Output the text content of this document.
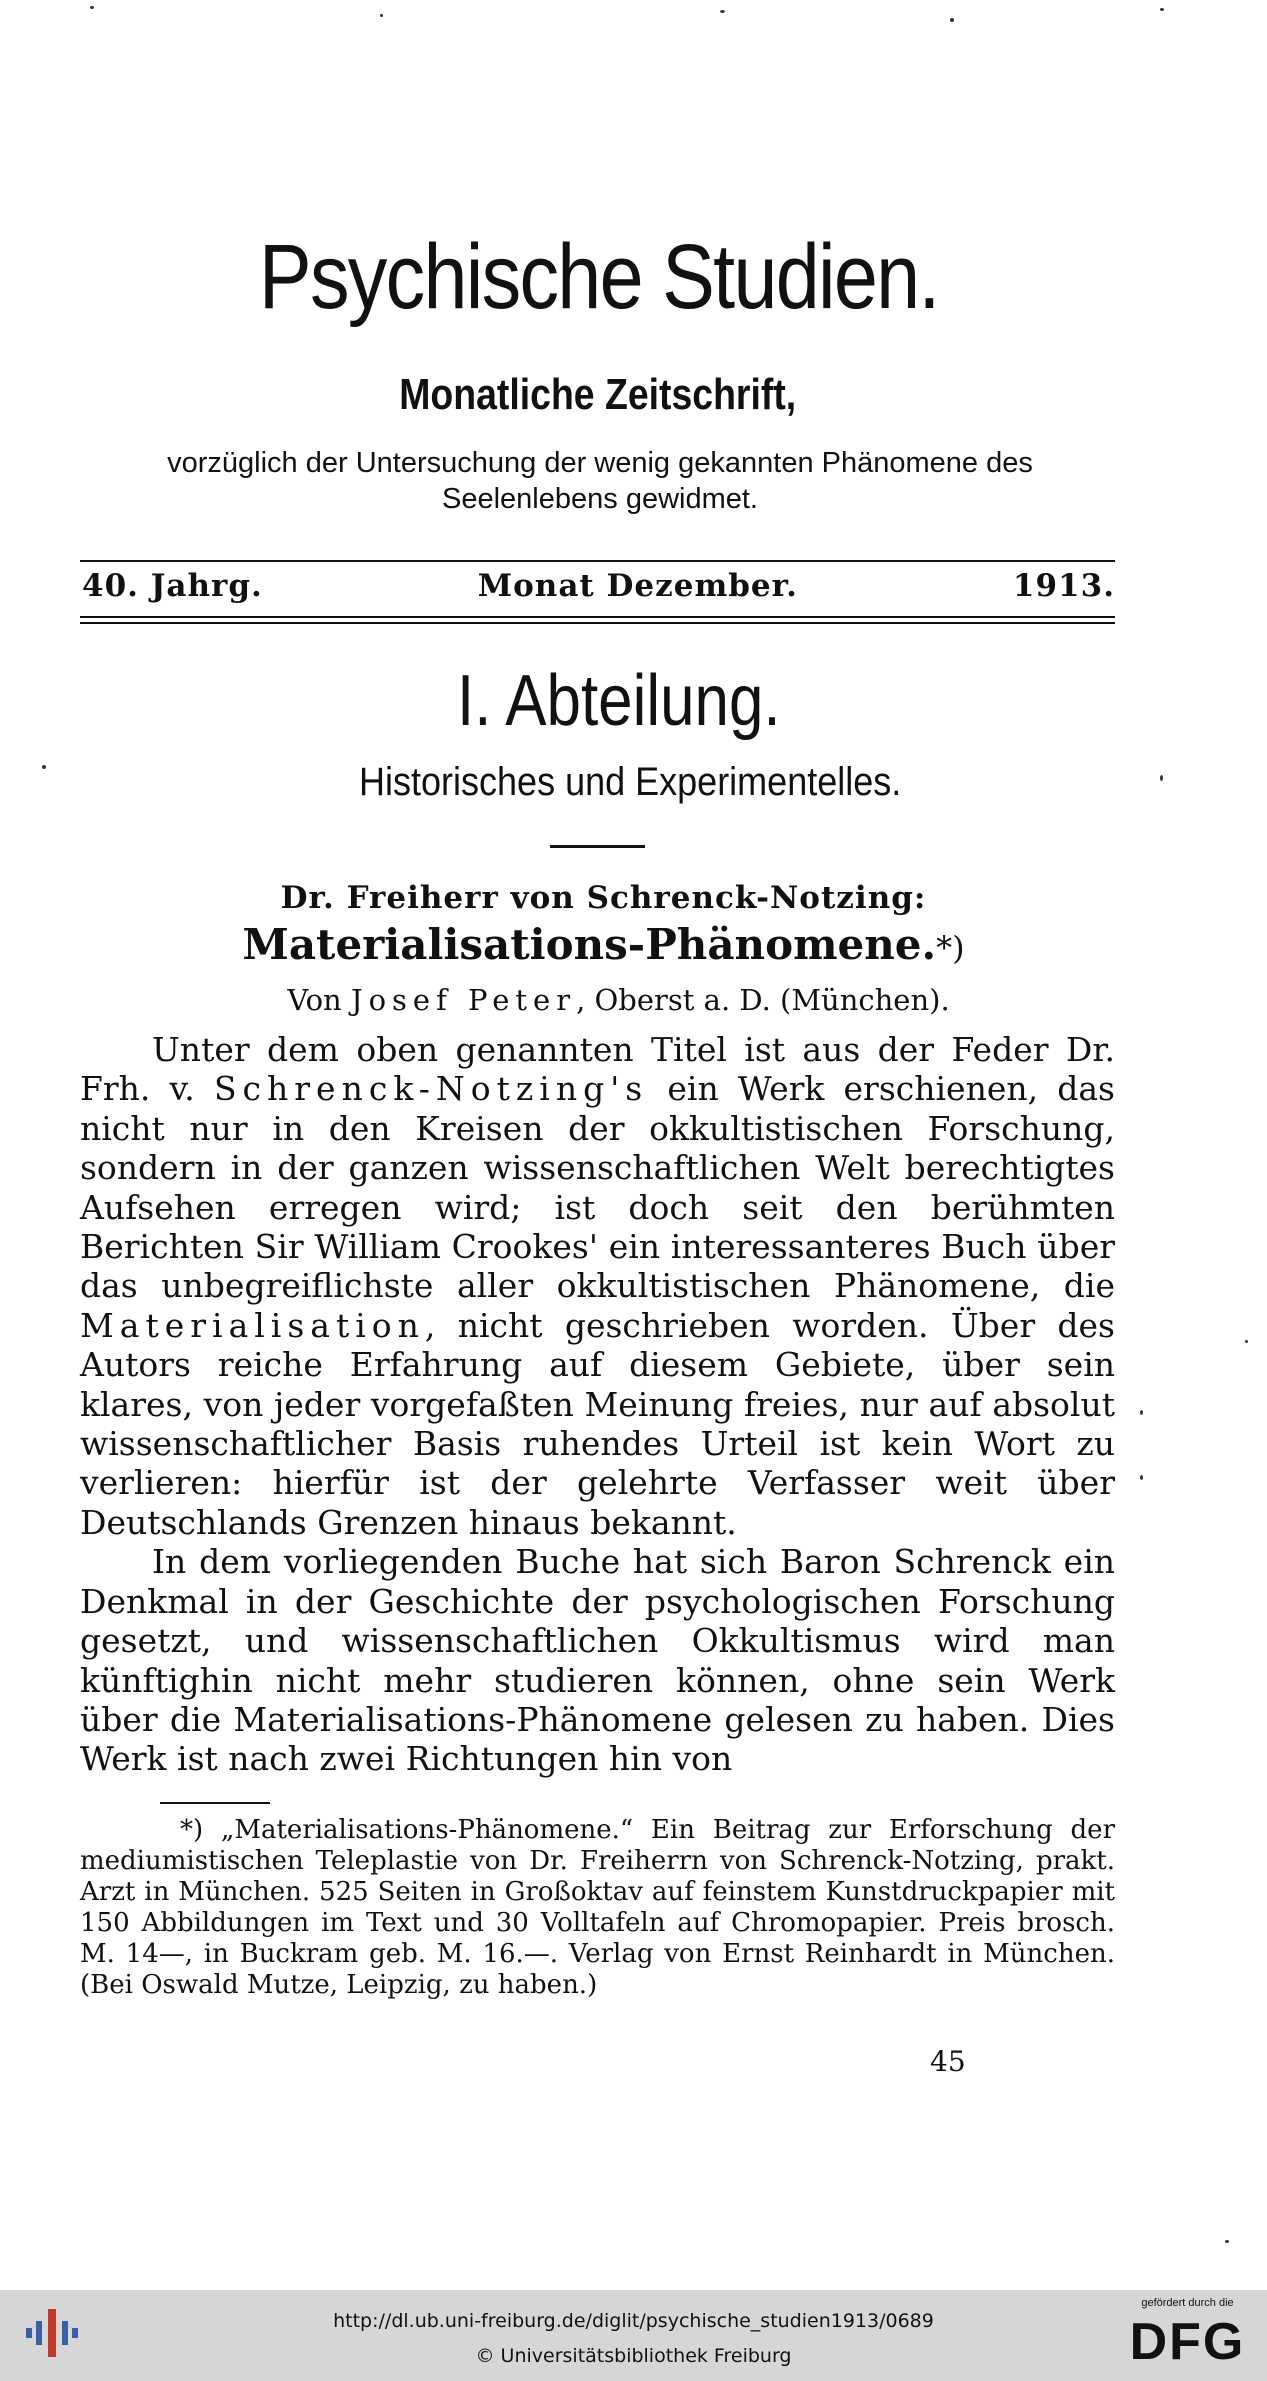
Psychische Studien.
Monatliche Zeitschrift,
vorzüglich der Untersuchung der wenig gekannten Phänomene des
Seelenlebens gewidmet.
40. Jahrg.	Monat Dezember.	1913.
I. Abteilung.
Historisches und Experimentelles.
Dr. Freiherr von Schrenck-Notzing:
Materialisations-Phänomene.*)
Von Josef Peter, Oberst a. D. (München).

Unter dem oben genannten Titel ist aus der Feder Dr. Frh. v. Schrenck-Notzing's ein Werk erschienen, das nicht nur in den Kreisen der okkultistischen Forschung, sondern in der ganzen wissenschaftlichen Welt berechtigtes Aufsehen erregen wird; ist doch seit den berühmten Berichten Sir William Crookes' ein interessanteres Buch über das unbegreiflichste aller okkultistischen Phänomene, die Materialisation, nicht geschrieben worden. Über des Autors reiche Erfahrung auf diesem Gebiete, über sein klares, von jeder vorgefaßten Meinung freies, nur auf absolut wissenschaftlicher Basis ruhendes Urteil ist kein Wort zu verlieren: hierfür ist der gelehrte Verfasser weit über Deutschlands Grenzen hinaus bekannt.

In dem vorliegenden Buche hat sich Baron Schrenck ein Denkmal in der Geschichte der psychologischen Forschung gesetzt, und wissenschaftlichen Okkultismus wird man künftighin nicht mehr studieren können, ohne sein Werk über die Materialisations-Phänomene gelesen zu haben. Dies Werk ist nach zwei Richtungen hin von

*) „Materialisations-Phänomene.“ Ein Beitrag zur Erforschung der mediumistischen Teleplastie von Dr. Freiherrn von Schrenck-Notzing, prakt. Arzt in München. 525 Seiten in Großoktav auf feinstem Kunstdruckpapier mit 150 Abbildungen im Text und 30 Volltafeln auf Chromopapier. Preis brosch. M. 14—, in Buckram geb. M. 16.—. Verlag von Ernst Reinhardt in München. (Bei Oswald Mutze, Leipzig, zu haben.)
45
http://dl.ub.uni-freiburg.de/diglit/psychische_studien1913/0689
© Universitätsbibliothek Freiburg
gefördert durch die
DFG
